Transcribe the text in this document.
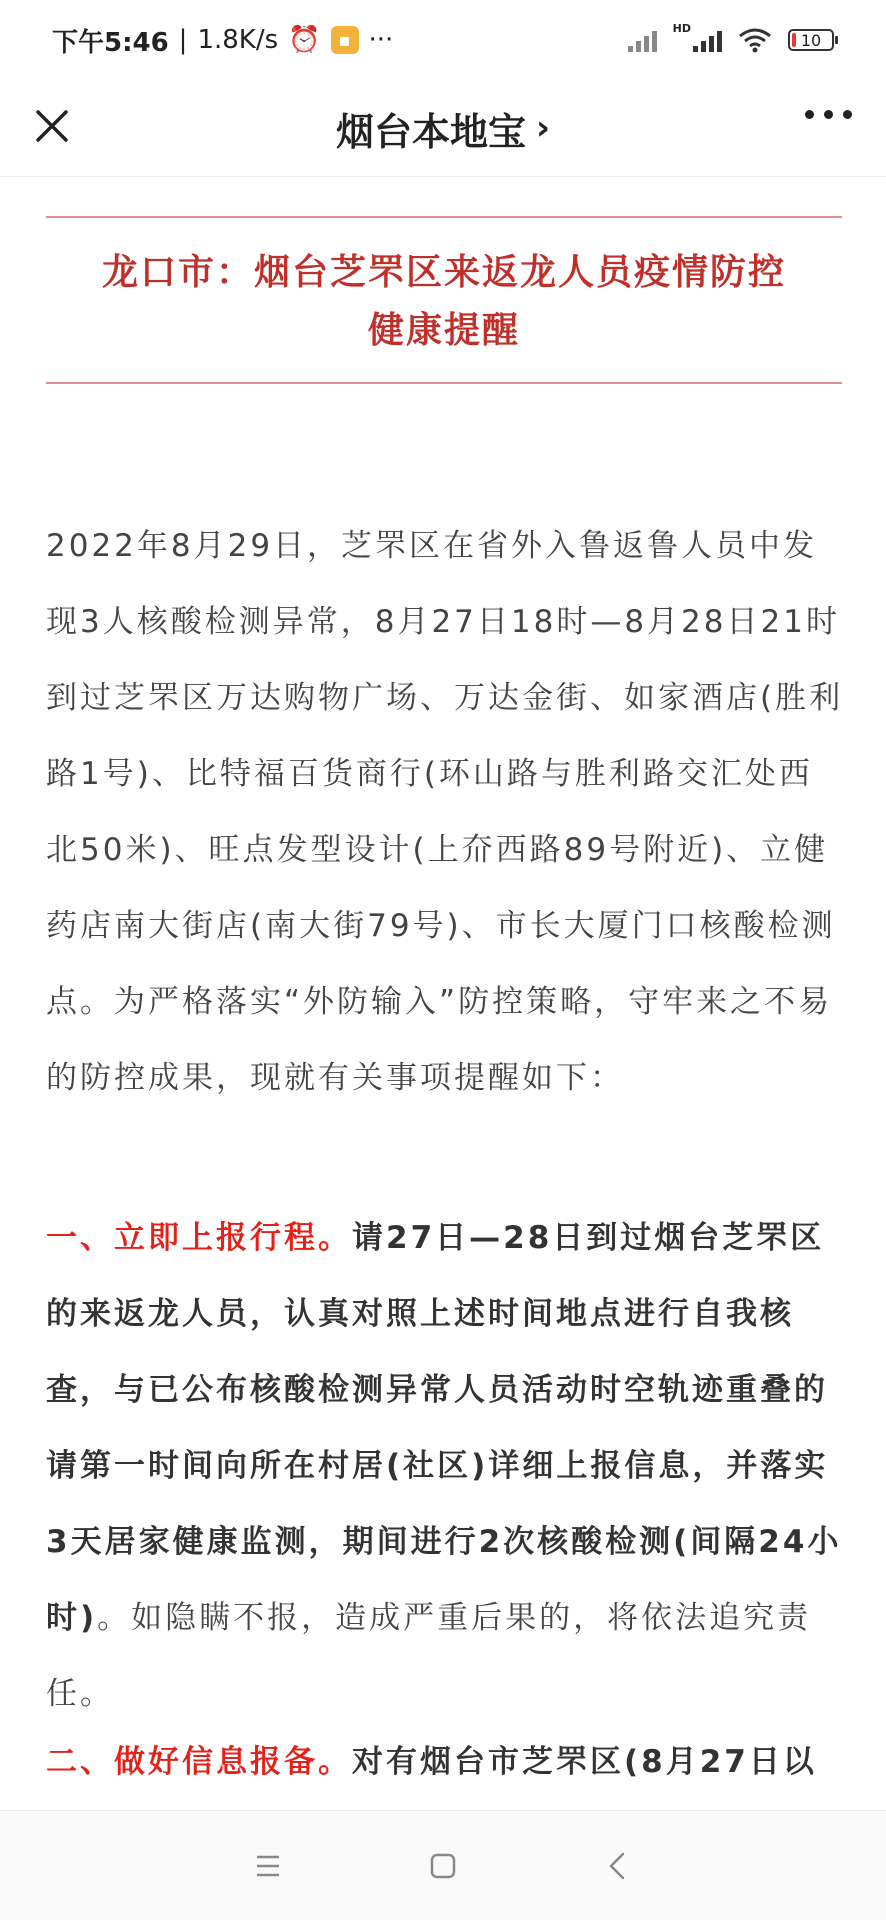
下午5:46 | 1.8K/s ⏰ ▪ ···	HD
10
烟台本地宝 ›
龙口市：烟台芝罘区来返龙人员疫情防控
健康提醒
2022年8月29日，芝罘区在省外入鲁返鲁人员中发现3人核酸检测异常，8月27日18时—8月28日21时到过芝罘区万达购物广场、万达金街、如家酒店(胜利路1号)、比特福百货商行(环山路与胜利路交汇处西北50米)、旺点发型设计(上夼西路89号附近)、立健药店南大街店(南大街79号)、市长大厦门口核酸检测点。为严格落实“外防输入”防控策略，守牢来之不易的防控成果，现就有关事项提醒如下：
一、立即上报行程。请27日—28日到过烟台芝罘区的来返龙人员，认真对照上述时间地点进行自我核查，与已公布核酸检测异常人员活动时空轨迹重叠的请第一时间向所在村居(社区)详细上报信息，并落实3天居家健康监测，期间进行2次核酸检测(间隔24小时)。如隐瞒不报，造成严重后果的，将依法追究责任。
二、做好信息报备。对有烟台市芝罘区(8月27日以
